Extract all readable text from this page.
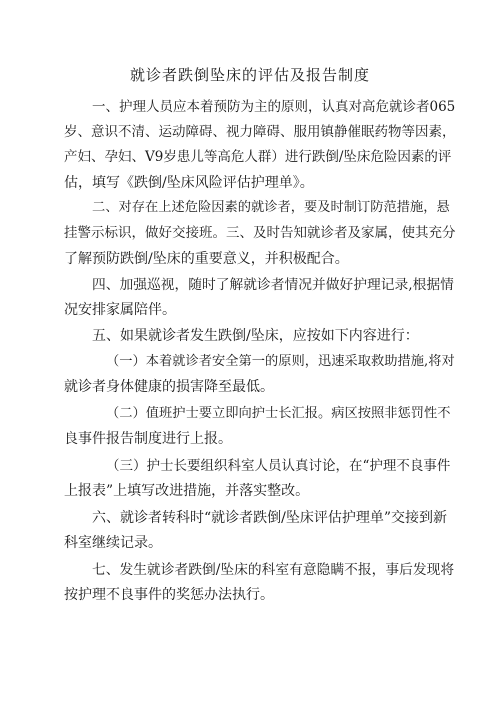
就诊者跌倒坠床的评估及报告制度
一、护理人员应本着预防为主的原则，认真对高危就诊者065
岁、意识不清、运动障碍、视力障碍、服用镇静催眠药物等因素，
产妇、孕妇、V9岁患儿等高危人群）进行跌倒/坠床危险因素的评
估，填写《跌倒/坠床风险评估护理单》。
二、对存在上述危险因素的就诊者，要及时制订防范措施，悬
挂警示标识，做好交接班。三、及时告知就诊者及家属，使其充分
了解预防跌倒/坠床的重要意义，并积极配合。
四、加强巡视，随时了解就诊者情况并做好护理记录,根据情
况安排家属陪伴。
五、如果就诊者发生跌倒/坠床，应按如下内容进行：
（一）本着就诊者安全第一的原则，迅速采取救助措施,将对
就诊者身体健康的损害降至最低。
（二）值班护士要立即向护士长汇报。病区按照非惩罚性不
良事件报告制度进行上报。
（三）护士长要组织科室人员认真讨论，在“护理不良事件
上报表”上填写改进措施，并落实整改。
六、就诊者转科时“就诊者跌倒/坠床评估护理单”交接到新
科室继续记录。
七、发生就诊者跌倒/坠床的科室有意隐瞒不报，事后发现将
按护理不良事件的奖惩办法执行。
